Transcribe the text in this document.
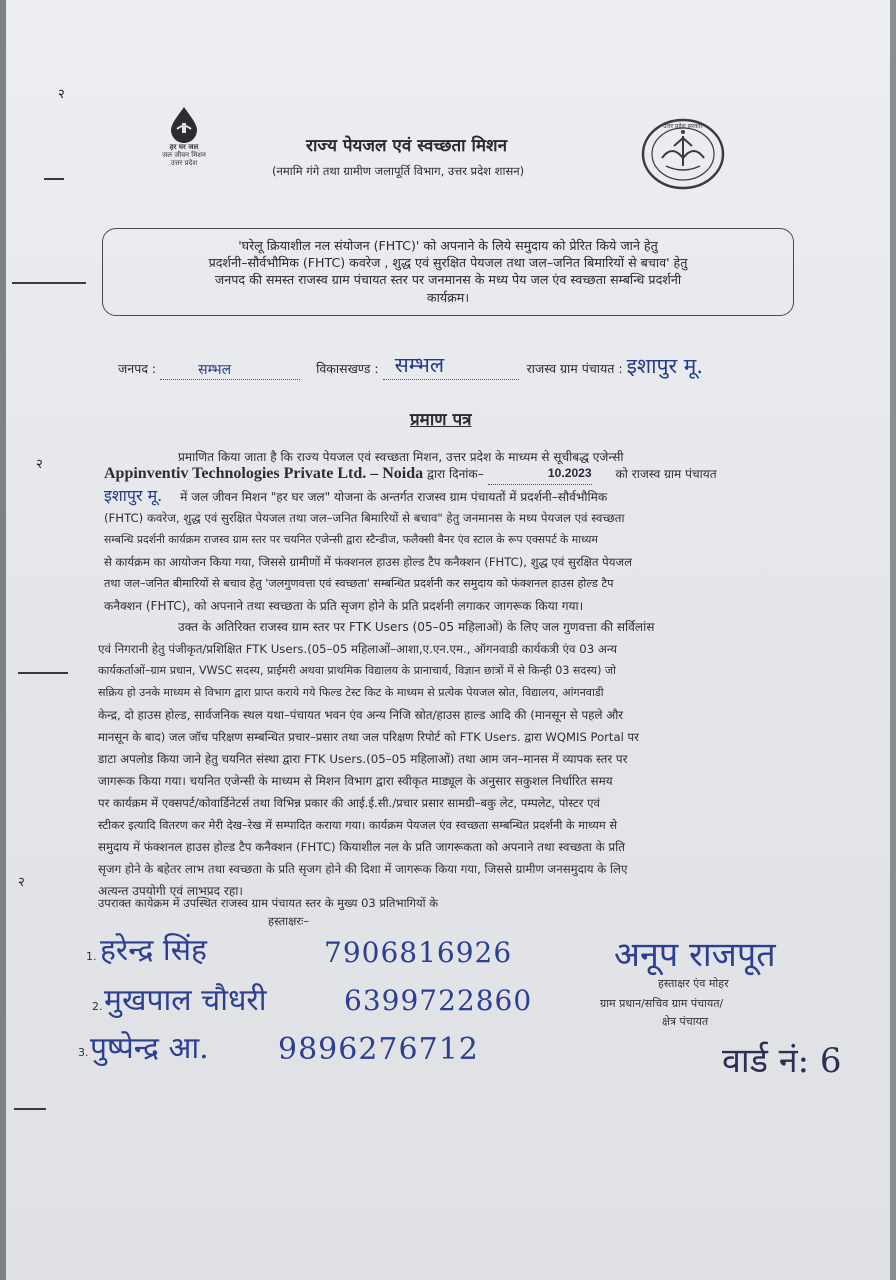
२
२
२
हर घर जल
जल जीवन मिशन
उत्तर प्रदेश
राज्य पेयजल एवं स्वच्छता मिशन
(नमामि गंगे तथा ग्रामीण जलापूर्ति विभाग, उत्तर प्रदेश शासन)
उत्तर प्रदेश सरकार
'घरेलू क्रियाशील नल संयोजन (FHTC)' को अपनाने के लिये समुदाय को प्रेरित किये जाने हेतु
प्रदर्शनी–सौर्वभौमिक (FHTC) कवरेज , शुद्ध एवं सुरक्षित पेयजल तथा जल–जनित बिमारियों से बचाव' हेतु
जनपद की समस्त राजस्व ग्राम पंचायत स्तर पर जनमानस के मध्य पेय जल एंव स्वच्छता सम्बन्धि प्रदर्शनी
कार्यक्रम।
जनपद :	सम्भल	विकासखण्ड : सम्भल	राजस्व ग्राम पंचायत : इशापुर मू.
प्रमाण पत्र
प्रमाणित किया जाता है कि राज्य पेयजल एवं स्वच्छता मिशन, उत्तर प्रदेश के माध्यम से सूचीबद्ध एजेन्सी
Appinventiv Technologies Private Ltd. – Noida द्वारा दिनांक–	10.2023 को राजस्व ग्राम पंचायत
इशापुर मू. में जल जीवन मिशन "हर घर जल" योजना के अन्तर्गत राजस्व ग्राम पंचायतों में प्रदर्शनी–सौर्वभौमिक
(FHTC) कवरेज, शुद्ध एवं सुरक्षित पेयजल तथा जल–जनित बिमारियों से बचाव" हेतु जनमानस के मध्य पेयजल एवं स्वच्छता
सम्बन्धि प्रदर्शनी कार्यक्रम राजस्व ग्राम स्तर पर चयनित एजेन्सी द्वारा स्टैन्डीज, फलैक्सी बैनर एंव स्टाल के रूप एक्सपर्ट के माध्यम
से कार्यक्रम का आयोजन किया गया, जिससे ग्रामीणों में फंक्शनल हाउस होल्ड टैप कनैक्शन (FHTC), शुद्ध एवं सुरक्षित पेयजल
तथा जल–जनित बीमारियों से बचाव हेतु 'जलगुणवत्ता एवं स्वच्छता' सम्बन्धित प्रदर्शनी कर समुदाय को फंक्शनल हाउस होल्ड टैप
कनैक्शन (FHTC), को अपनाने तथा स्वच्छता के प्रति सृजग होने के प्रति प्रदर्शनी लगाकर जागरूक किया गया।
उक्त के अतिरिक्त राजस्व ग्राम स्तर पर FTK Users (05–05 महिलाओं) के लिए जल गुणवत्ता की सर्विलांस
एवं निगरानी हेतु पंजीकृत/प्रशिक्षित FTK Users.(05–05 महिलाओं–आशा,ए.एन.एम., ऑगनवाडी कार्यकत्री एंव 03 अन्य
कार्यकर्ताओं–ग्राम प्रधान, VWSC सदस्य, प्राईमरी अथवा प्राथमिक विद्यालय के प्रानाचार्य, विज्ञान छात्रों में से किन्ही 03 सदस्य) जो
सक्रिय हो उनके माध्यम से विभाग द्वारा प्राप्त कराये गये फिल्ड टेस्ट किट के माध्यम से प्रत्येक पेयजल स्रोत, विद्यालय, आंगनवाडी
केन्द्र, दो हाउस होल्ड, सार्वजनिक स्थल यथा–पंचायत भवन एंव अन्य निजि स्रोत/हाउस हाल्ड आदि की (मानसून से पहले और
मानसून के बाद) जल जॉच परिक्षण सम्बन्धित प्रचार–प्रसार तथा जल परिक्षण रिपोर्ट को FTK Users. द्वारा WQMIS Portal पर
डाटा अपलोड किया जाने हेतु चयनित संस्था द्वारा FTK Users.(05–05 महिलाओं) तथा आम जन–मानस में व्यापक स्तर पर
जागरूक किया गया। चयनित एजेन्सी के माध्यम से मिशन विभाग द्वारा स्वीकृत माड्यूल के अनुसार सकुशल निर्धारित समय
पर कार्यक्रम में एक्सपर्ट/कोवार्डिनेटर्स तथा विभिन्न प्रकार की आई.ई.सी./प्रचार प्रसार सामग्री–बकु लेट, पम्पलेट, पोस्टर एवं
स्टीकर इत्यादि वितरण कर मेरी देख–रेख में सम्पादित कराया गया। कार्यक्रम पेयजल एंव स्वच्छता सम्बन्धित प्रदर्शनी के माध्यम से
समुदाय में फंक्शनल हाउस होल्ड टैप कनैक्शन (FHTC) कियाशील नल के प्रति जागरूकता को अपनाने तथा स्वच्छता के प्रति
सृजग होने के बहेतर लाभ तथा स्वच्छता के प्रति सृजग होने की दिशा में जागरूक किया गया, जिससे ग्रामीण जनसमुदाय के लिए
अत्यन्त उपयोगी एवं लाभप्रद रहा।
उपराक्त कायेक्रम में उपस्थित राजस्व ग्राम पंचायत स्तर के मुख्य 03 प्रतिभागियों के
हस्ताक्षरः–
1. हरेन्द्र सिंह	7906816926
2. मुखपाल चौधरी	6399722860
3. पुष्पेन्द्र आ. 9896276712
अनूप राजपूत
हस्ताक्षर एंव मोहर
ग्राम प्रधान/सचिव ग्राम पंचायत/
क्षेत्र पंचायत
वार्ड नं: 6
